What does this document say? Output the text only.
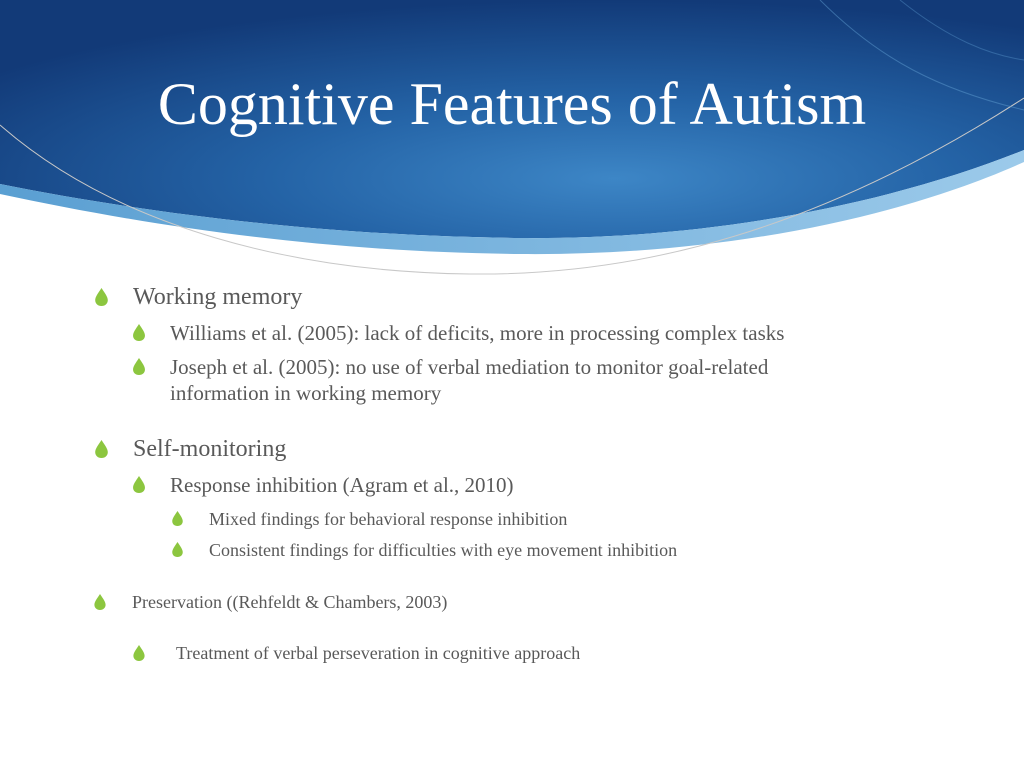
Cognitive Features of Autism
Working memory
Williams et al. (2005): lack of deficits, more in processing complex tasks
Joseph et al. (2005): no use of verbal mediation to monitor goal-related
information in working memory
Self-monitoring
Response inhibition (Agram et al., 2010)
Mixed findings for behavioral response inhibition
Consistent findings for difficulties with eye movement inhibition
Preservation ((Rehfeldt & Chambers, 2003)
Treatment of verbal perseveration in cognitive approach
